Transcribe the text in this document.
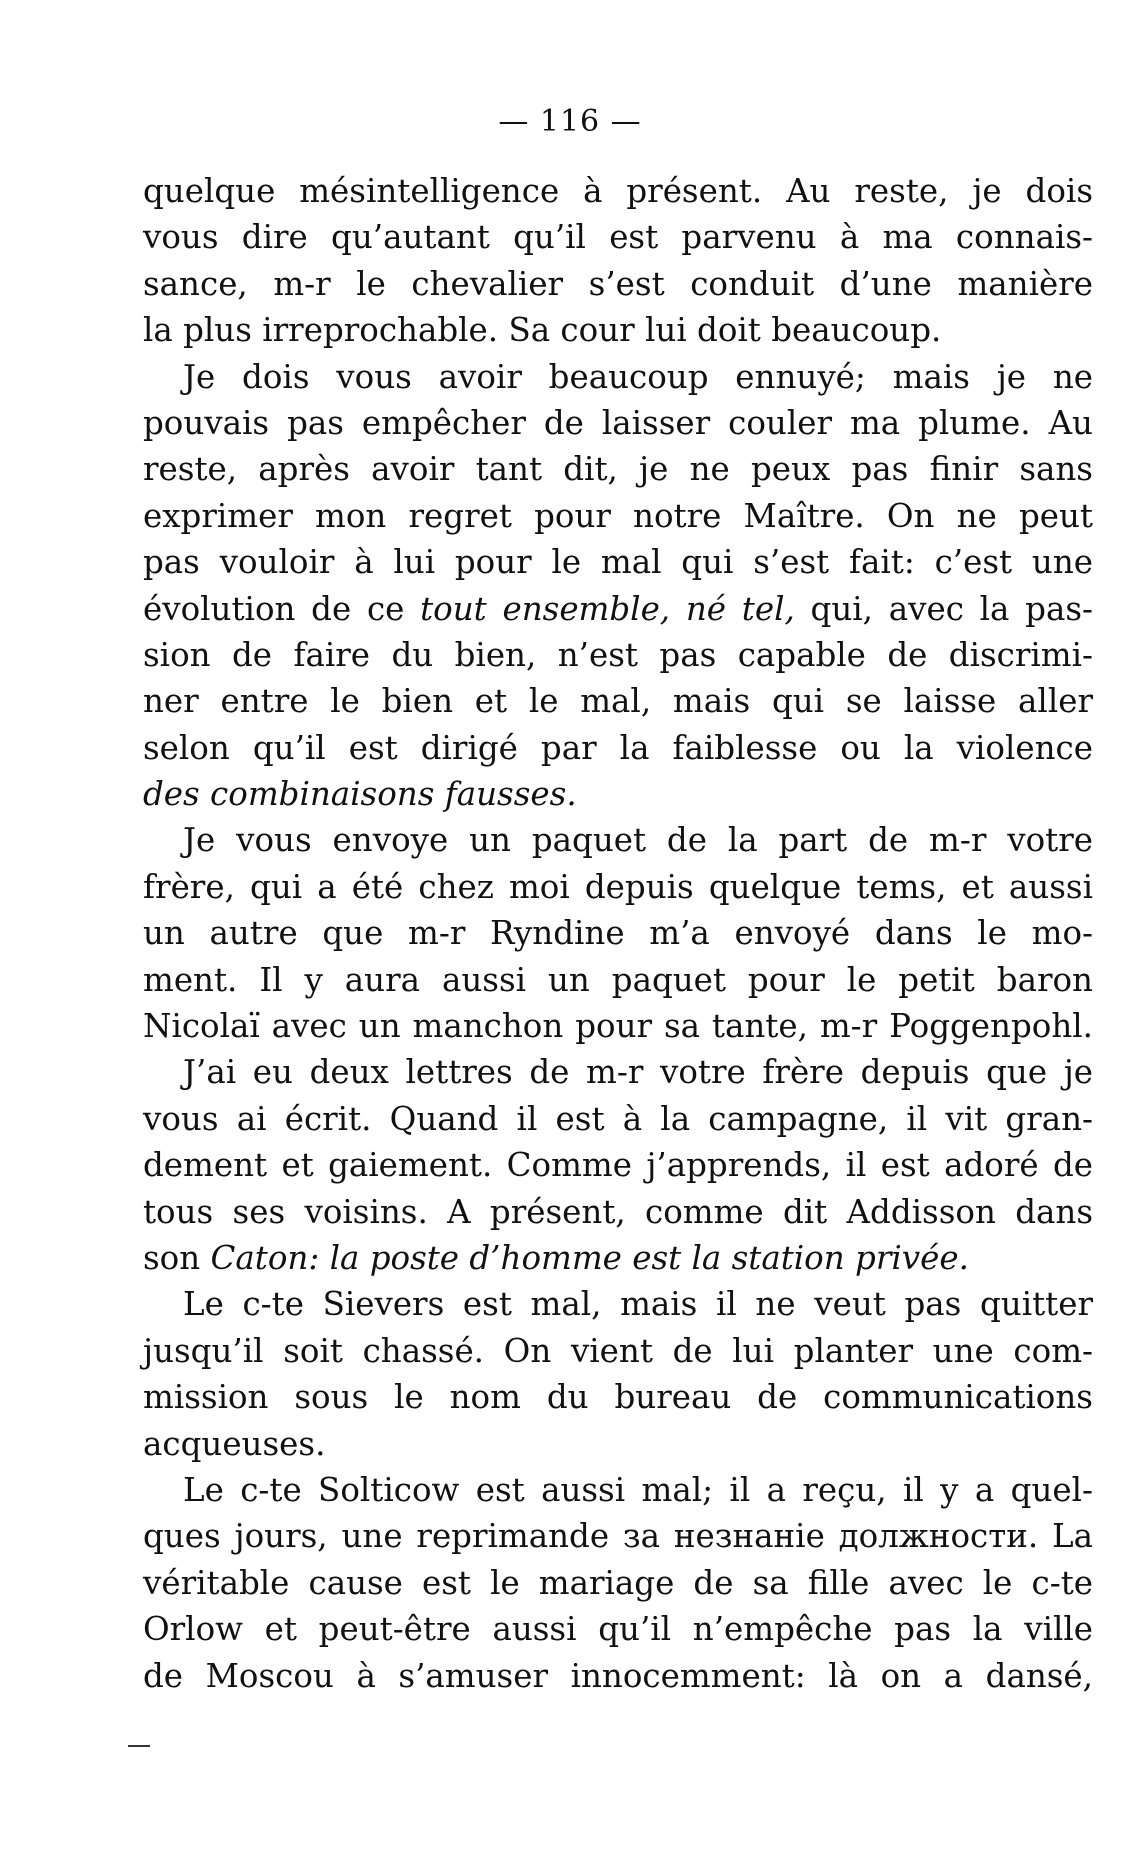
— 116 —
quelque mésintelligence à présent. Au reste, je dois
vous dire qu’autant qu’il est parvenu à ma connais-
sance, m-r le chevalier s’est conduit d’une manière
la plus irreprochable. Sa cour lui doit beaucoup.
Je dois vous avoir beaucoup ennuyé; mais je ne
pouvais pas empêcher de laisser couler ma plume. Au
reste, après avoir tant dit, je ne peux pas finir sans
exprimer mon regret pour notre Maître. On ne peut
pas vouloir à lui pour le mal qui s’est fait: c’est une
évolution de ce tout ensemble, né tel, qui, avec la pas-
sion de faire du bien, n’est pas capable de discrimi-
ner entre le bien et le mal, mais qui se laisse aller
selon qu’il est dirigé par la faiblesse ou la violence
des combinaisons fausses.
Je vous envoye un paquet de la part de m-r votre
frère, qui a été chez moi depuis quelque tems, et aussi
un autre que m-r Ryndine m’a envoyé dans le mo-
ment. Il y aura aussi un paquet pour le petit baron
Nicolaï avec un manchon pour sa tante, m-r Poggenpohl.
J’ai eu deux lettres de m-r votre frère depuis que je
vous ai écrit. Quand il est à la campagne, il vit gran-
dement et gaiement. Comme j’apprends, il est adoré de
tous ses voisins. A présent, comme dit Addisson dans
son Caton: la poste d’homme est la station privée.
Le c-te Sievers est mal, mais il ne veut pas quitter
jusqu’il soit chassé. On vient de lui planter une com-
mission sous le nom du bureau de communications
acqueuses.
Le c-te Solticow est aussi mal; il a reçu, il y a quel-
ques jours, une reprimande за незнанiе должности. La
véritable cause est le mariage de sa fille avec le c-te
Orlow et peut-être aussi qu’il n’empêche pas la ville
de Moscou à s’amuser innocemment: là on a dansé,
